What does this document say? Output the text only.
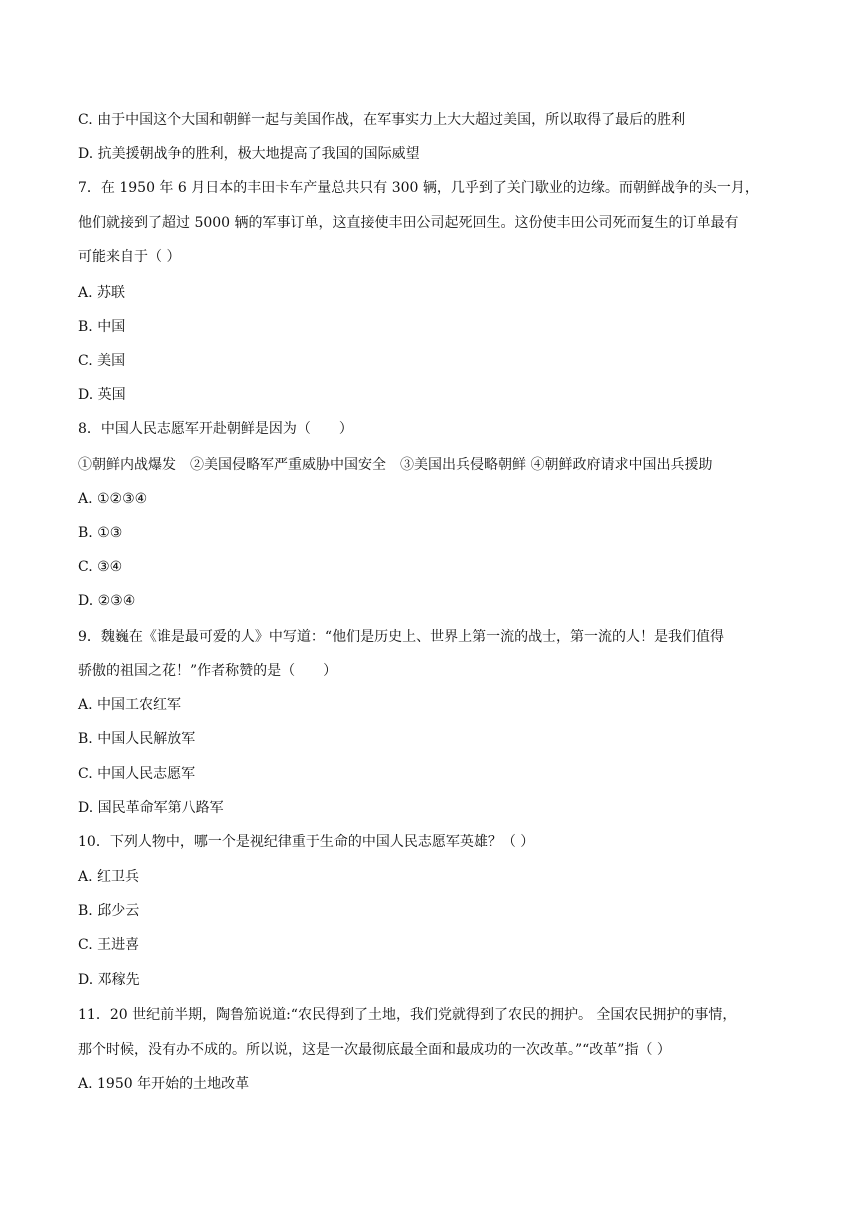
C. 由于中国这个大国和朝鲜一起与美国作战，在军事实力上大大超过美国，所以取得了最后的胜利
D. 抗美援朝战争的胜利，极大地提高了我国的国际威望
7．在 1950 年 6 月日本的丰田卡车产量总共只有 300 辆，几乎到了关门歇业的边缘。而朝鲜战争的头一月，
他们就接到了超过 5000 辆的军事订单，这直接使丰田公司起死回生。这份使丰田公司死而复生的订单最有
可能来自于（ ）
A. 苏联
B. 中国
C. 美国
D. 英国
8．中国人民志愿军开赴朝鲜是因为（　　）
①朝鲜内战爆发　②美国侵略军严重威胁中国安全　③美国出兵侵略朝鲜 ④朝鲜政府请求中国出兵援助
A. ①②③④
B. ①③
C. ③④
D. ②③④
9．魏巍在《谁是最可爱的人》中写道：“他们是历史上、世界上第一流的战士，第一流的人！是我们值得
骄傲的祖国之花！”作者称赞的是（　　）
A. 中国工农红军
B. 中国人民解放军
C. 中国人民志愿军
D. 国民革命军第八路军
10．下列人物中，哪一个是视纪律重于生命的中国人民志愿军英雄？（ ）
A. 红卫兵
B. 邱少云
C. 王进喜
D. 邓稼先
11．20 世纪前半期，陶鲁笳说道:“农民得到了土地，我们党就得到了农民的拥护。 全国农民拥护的事情，
那个时候，没有办不成的。所以说，这是一次最彻底最全面和最成功的一次改革。”“改革”指（ ）
A. 1950 年开始的土地改革
